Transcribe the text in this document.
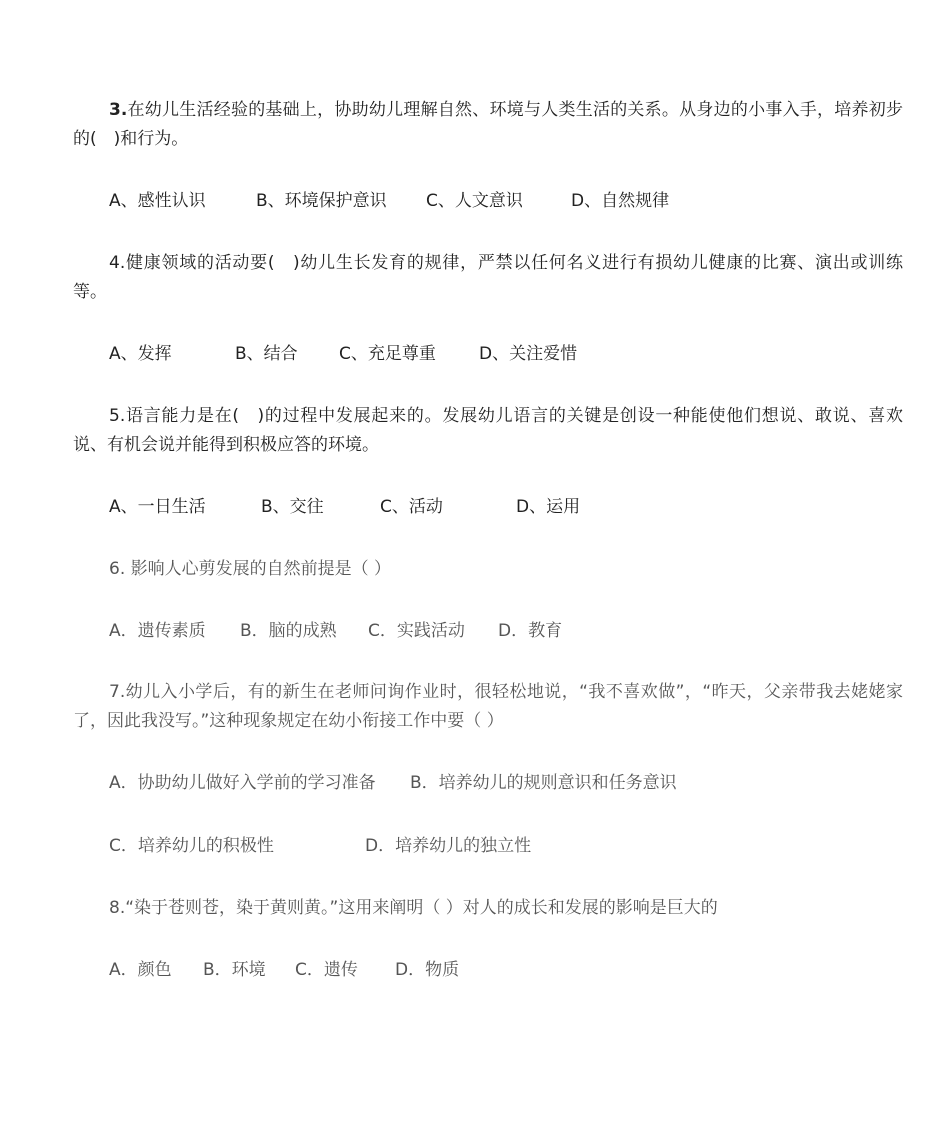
3.在幼儿生活经验的基础上，协助幼儿理解自然、环境与人类生活的关系。从身边的小事入手，培养初步的(　)和行为。

A、感性认识	B、环境保护意识 C、人文意识	D、自然规律

4.健康领域的活动要(　)幼儿生长发育的规律，严禁以任何名义进行有损幼儿健康的比赛、演出或训练等。

A、发挥	B、结合 C、充足尊重	D、关注爱惜

5.语言能力是在(　)的过程中发展起来的。发展幼儿语言的关键是创设一种能使他们想说、敢说、喜欢说、有机会说并能得到积极应答的环境。

A、一日生活	B、交往	C、活动	D、运用
6. 影响人心剪发展的自然前提是（ ）
A．遗传素质 B．脑的成熟 C．实践活动 D．教育

7.幼儿入小学后，有的新生在老师问询作业时，很轻松地说，“我不喜欢做”，“昨天，父亲带我去姥姥家了，因此我没写。”这种现象规定在幼小衔接工作中要（ ）

A．协助幼儿做好入学前的学习准备 B．培养幼儿的规则意识和任务意识
C．培养幼儿的积极性	D．培养幼儿的独立性
8.“染于苍则苍，染于黄则黄。”这用来阐明（ ）对人的成长和发展的影响是巨大的
A．颜色 B．环境 C．遗传 D．物质
